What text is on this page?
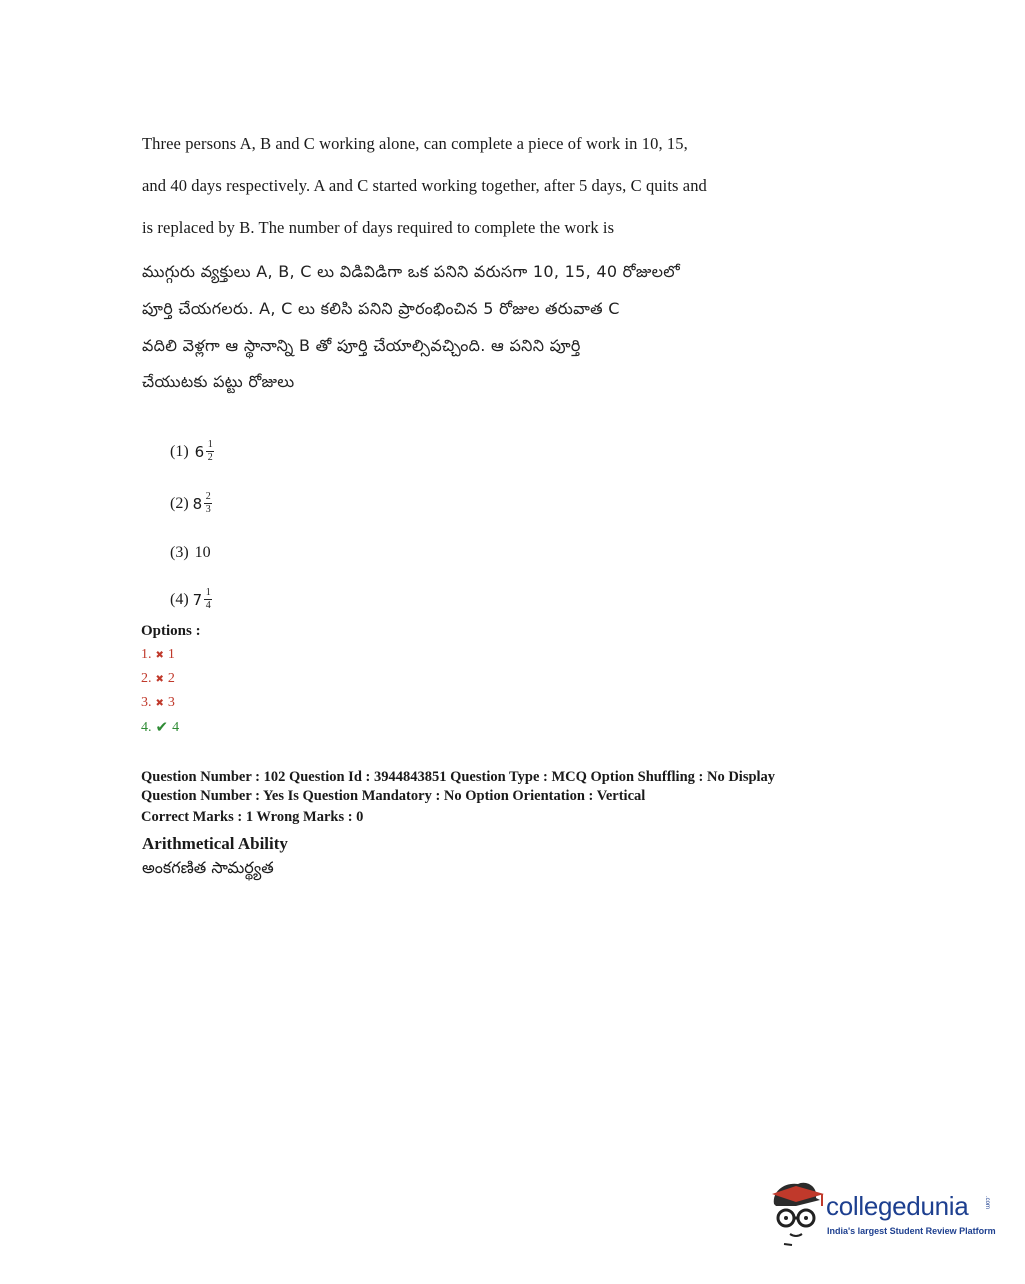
Three persons A, B and C working alone, can complete a piece of work in 10, 15,
and 40 days respectively. A and C started working together, after 5 days, C quits and
is replaced by B. The number of days required to complete the work is
ముగ్గురు వ్యక్తులు A, B, C లు విడివిడిగా ఒక పనిని వరుసగా 10, 15, 40 రోజులలో
పూర్తి చేయగలరు. A, C లు కలిసి పనిని ప్రారంభించిన 5 రోజుల తరువాత C
వదిలి వెళ్లగా ఆ స్థానాన్ని B తో పూర్తి చేయాల్సివచ్చింది. ఆ పనిని పూర్తి
చేయుటకు పట్టు రోజులు
(1) $6 \frac{1}{2}$
(2) $8 \frac{2}{3}$
(3) 10
(4) $7 \frac{1}{4}$
Options :
1. ✖ 1
2. ✖ 2
3. ✖ 3
4. ✔ 4
Question Number : 102 Question Id : 3944843851 Question Type : MCQ Option Shuffling : No Display
Question Number : Yes Is Question Mandatory : No Option Orientation : Vertical
Correct Marks : 1 Wrong Marks : 0
Arithmetical Ability
అంకగణిత సామర్థ్యత
collegedunia	.com
India's largest Student Review Platform
